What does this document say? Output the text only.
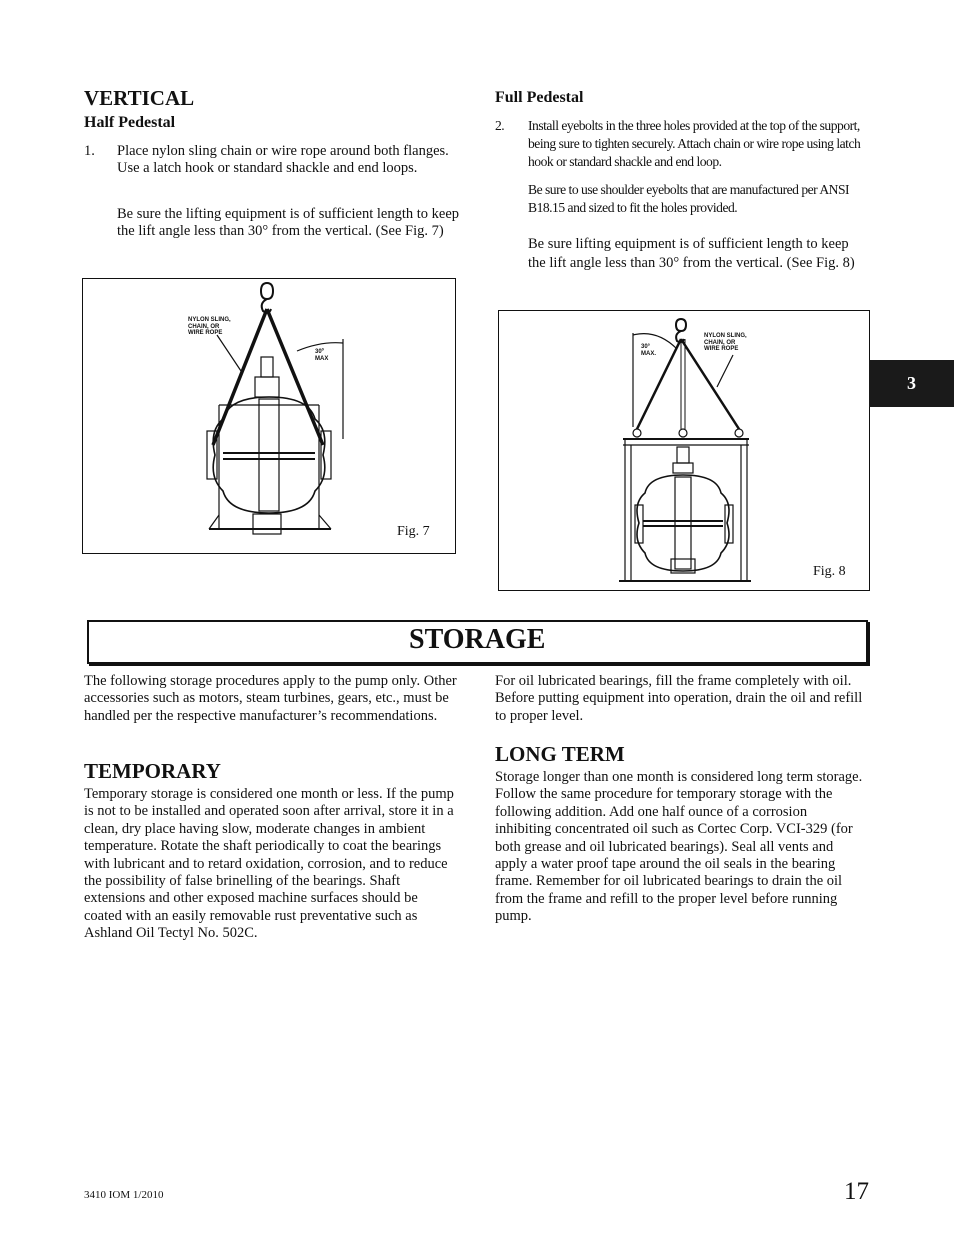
VERTICAL
Half Pedestal
1. Place nylon sling chain or wire rope around both flanges. Use a latch hook or standard shackle and end loops.
Be sure the lifting equipment is of sufficient length to keep the lift angle less than 30° from the vertical. (See Fig. 7)
Full Pedestal
2. Install eyebolts in the three holes provided at the top of the support, being sure to tighten securely. Attach chain or wire rope using latch hook or standard shackle and end loop.
Be sure to use shoulder eyebolts that are manufactured per ANSI B18.15 and sized to fit the holes provided.
Be sure lifting equipment is of sufficient length to keep the lift angle less than 30° from the vertical. (See Fig. 8)
NYLON SLING,
CHAIN, OR
WIRE ROPE
30º
MAX
Fig. 7
30°
MAX.
NYLON SLING,
CHAIN, OR
WIRE ROPE
Fig. 8
3
STORAGE
The following storage procedures apply to the pump only. Other accessories such as motors, steam turbines, gears, etc., must be handled per the respective manufacturer’s recommendations.
TEMPORARY
Temporary storage is considered one month or less. If the pump is not to be installed and operated soon after arrival, store it in a clean, dry place having slow, moderate changes in ambient temperature. Rotate the shaft periodically to coat the bearings with lubricant and to retard oxidation, corrosion, and to reduce the possibility of false brinelling of the bearings. Shaft extensions and other exposed machine surfaces should be coated with an easily removable rust preventative such as Ashland Oil Tectyl No. 502C.
For oil lubricated bearings, fill the frame completely with oil. Before putting equipment into operation, drain the oil and refill to proper level.
LONG TERM
Storage longer than one month is considered long term storage. Follow the same procedure for temporary storage with the following addition. Add one half ounce of a corrosion inhibiting concentrated oil such as Cortec Corp. VCI-329 (for both grease and oil lubricated bearings). Seal all vents and apply a water proof tape around the oil seals in the bearing frame. Remember for oil lubricated bearings to drain the oil from the frame and refill to the proper level before running pump.
3410 IOM 1/2010	17
